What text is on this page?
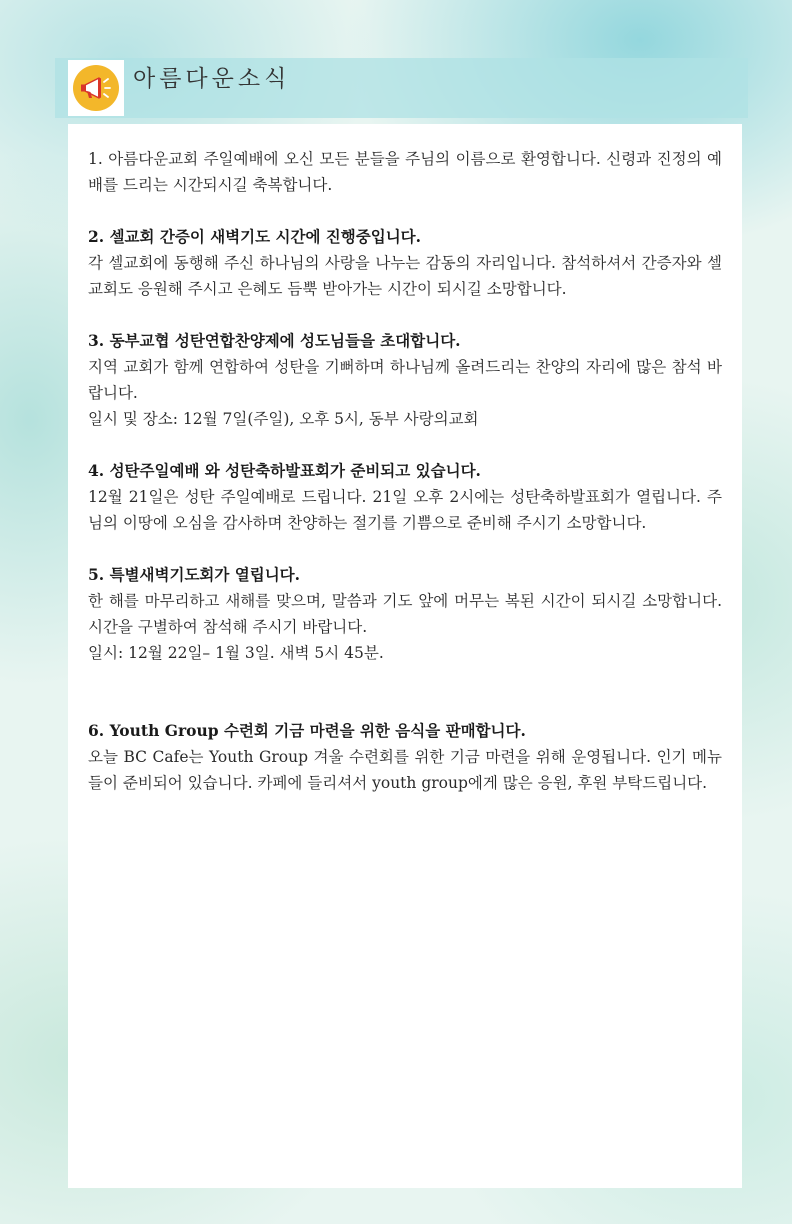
아름다운소식

1. 아름다운교회 주일예배에 오신 모든 분들을 주님의 이름으로 환영합니다. 신령과 진정의 예배를 드리는 시간되시길 축복합니다.

2. 셀교회 간증이 새벽기도 시간에 진행중입니다.

각 셀교회에 동행해 주신 하나님의 사랑을 나누는 감동의 자리입니다. 참석하셔서 간증자와 셀교회도 응원해 주시고 은혜도 듬뿍 받아가는 시간이 되시길 소망합니다.

3. 동부교협 성탄연합찬양제에 성도님들을 초대합니다.

지역 교회가 함께 연합하여 성탄을 기뻐하며 하나님께 올려드리는 찬양의 자리에 많은 참석 바랍니다.

일시 및 장소: 12월 7일(주일), 오후 5시, 동부 사랑의교회

4. 성탄주일예배 와 성탄축하발표회가 준비되고 있습니다.

12월 21일은 성탄 주일예배로 드립니다. 21일 오후 2시에는 성탄축하발표회가 열립니다. 주님의 이땅에 오심을 감사하며 찬양하는 절기를 기쁨으로 준비해 주시기 소망합니다.

5. 특별새벽기도회가 열립니다.

한 해를 마무리하고 새해를 맞으며, 말씀과 기도 앞에 머무는 복된 시간이 되시길 소망합니다. 시간을 구별하여 참석해 주시기 바랍니다.

일시: 12월 22일– 1월 3일. 새벽 5시 45분.

6. Youth Group 수련회 기금 마련을 위한 음식을 판매합니다.

오늘 BC Cafe는 Youth Group 겨울 수련회를 위한 기금 마련을 위해 운영됩니다. 인기 메뉴들이 준비되어 있습니다. 카페에 들리셔서 youth group에게 많은 응원, 후원 부탁드립니다.
